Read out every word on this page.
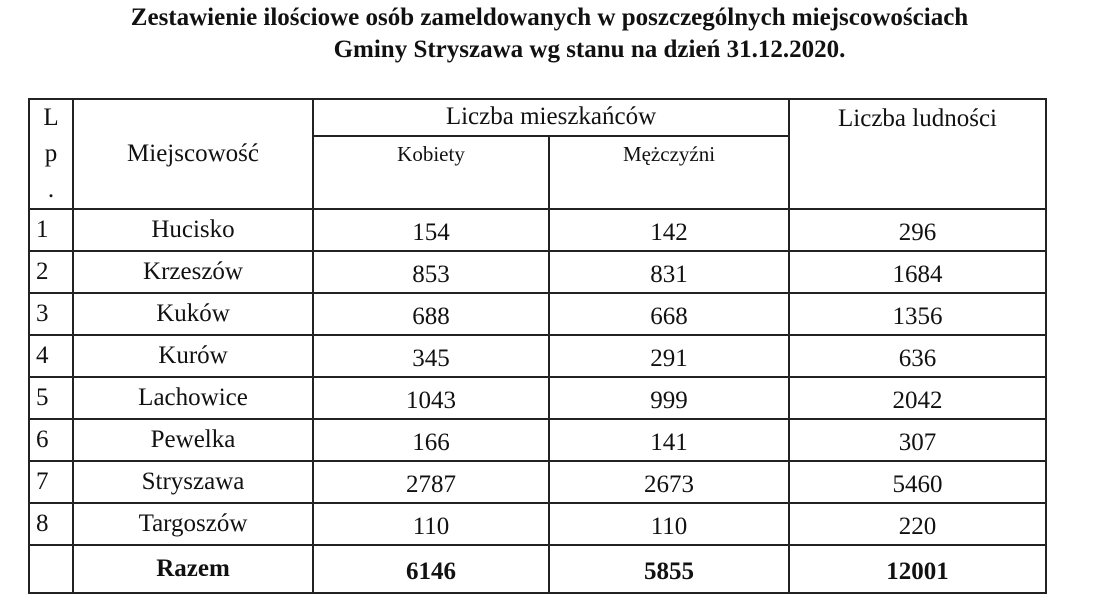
Zestawienie ilościowe osób zameldowanych w poszczególnych miejscowościach
Gminy Stryszawa wg stanu na dzień 31.12.2020.
L
p
.	Miejscowość	Liczba mieszkańców		Liczba ludności
		Kobiety	Mężczyźni	
1	Hucisko	154	142	296
2	Krzeszów	853	831	1684
3	Kuków	688	668	1356
4	Kurów	345	291	636
5	Lachowice	1043	999	2042
6	Pewelka	166	141	307
7	Stryszawa	2787	2673	5460
8	Targoszów	110	110	220
	Razem	6146	5855	12001
